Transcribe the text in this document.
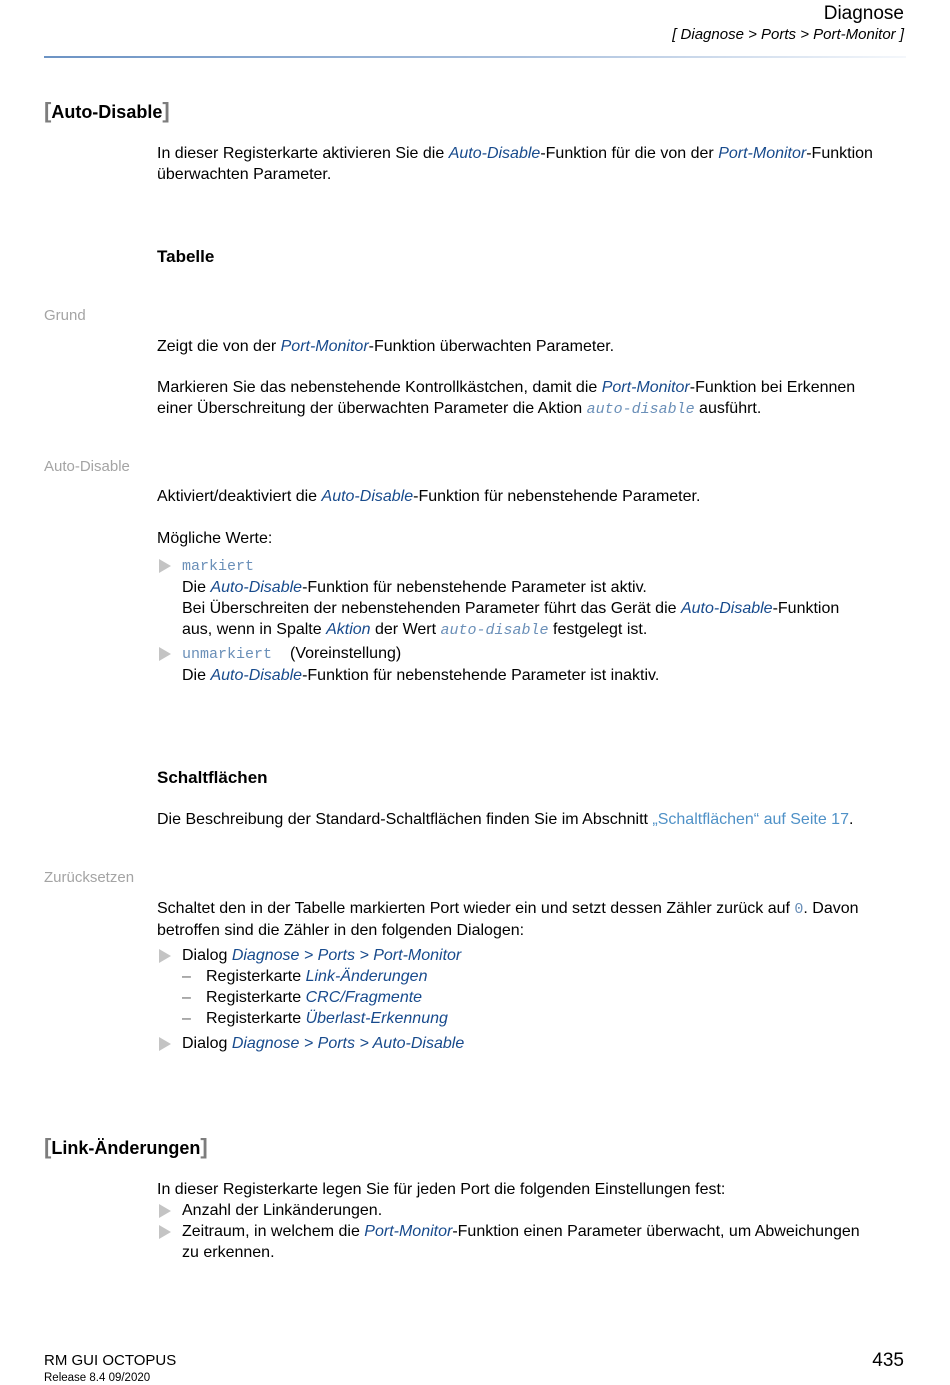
Diagnose
[ Diagnose > Ports > Port-Monitor ]
[Auto-Disable]
In dieser Registerkarte aktivieren Sie die Auto-Disable-Funktion für die von der Port-Monitor-Funktion
überwachten Parameter.
Tabelle
Grund
Zeigt die von der Port-Monitor-Funktion überwachten Parameter.
Markieren Sie das nebenstehende Kontrollkästchen, damit die Port-Monitor-Funktion bei Erkennen
einer Überschreitung der überwachten Parameter die Aktion auto-disable ausführt.
Auto-Disable
Aktiviert/deaktiviert die Auto-Disable-Funktion für nebenstehende Parameter.
Mögliche Werte:
markiert
Die Auto-Disable-Funktion für nebenstehende Parameter ist aktiv.
Bei Überschreiten der nebenstehenden Parameter führt das Gerät die Auto-Disable-Funktion
aus, wenn in Spalte Aktion der Wert auto-disable festgelegt ist.
unmarkiert (Voreinstellung)
Die Auto-Disable-Funktion für nebenstehende Parameter ist inaktiv.
Schaltflächen
Die Beschreibung der Standard-Schaltflächen finden Sie im Abschnitt „Schaltflächen“ auf Seite 17.
Zurücksetzen
Schaltet den in der Tabelle markierten Port wieder ein und setzt dessen Zähler zurück auf 0. Davon
betroffen sind die Zähler in den folgenden Dialogen:
Dialog Diagnose > Ports > Port-Monitor
– Registerkarte Link-Änderungen
– Registerkarte CRC/Fragmente
– Registerkarte Überlast-Erkennung
Dialog Diagnose > Ports > Auto-Disable
[Link-Änderungen]
In dieser Registerkarte legen Sie für jeden Port die folgenden Einstellungen fest:
Anzahl der Linkänderungen.
Zeitraum, in welchem die Port-Monitor-Funktion einen Parameter überwacht, um Abweichungen
zu erkennen.
RM GUI OCTOPUS
Release 8.4 09/2020
435
